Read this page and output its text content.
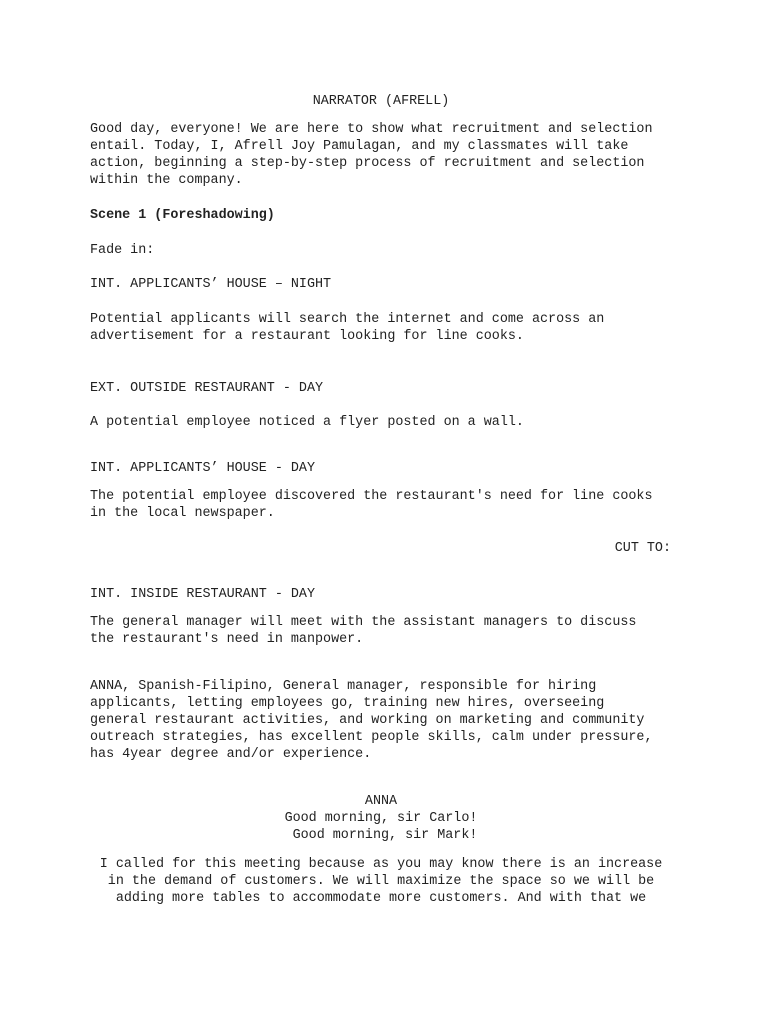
NARRATOR (AFRELL)
Good day, everyone! We are here to show what recruitment and selection
entail. Today, I, Afrell Joy Pamulagan, and my classmates will take
action, beginning a step-by-step process of recruitment and selection
within the company.
Scene 1 (Foreshadowing)
Fade in:
INT. APPLICANTS’ HOUSE – NIGHT
Potential applicants will search the internet and come across an
advertisement for a restaurant looking for line cooks.
EXT. OUTSIDE RESTAURANT - DAY
A potential employee noticed a flyer posted on a wall.
INT. APPLICANTS’ HOUSE - DAY
The potential employee discovered the restaurant's need for line cooks
in the local newspaper.
CUT TO:
INT. INSIDE RESTAURANT - DAY
The general manager will meet with the assistant managers to discuss
the restaurant's need in manpower.
ANNA, Spanish-Filipino, General manager, responsible for hiring
applicants, letting employees go, training new hires, overseeing
general restaurant activities, and working on marketing and community
outreach strategies, has excellent people skills, calm under pressure,
has 4year degree and/or experience.
ANNA
Good morning, sir Carlo!
Good morning, sir Mark!
I called for this meeting because as you may know there is an increase
in the demand of customers. We will maximize the space so we will be
adding more tables to accommodate more customers. And with that we
